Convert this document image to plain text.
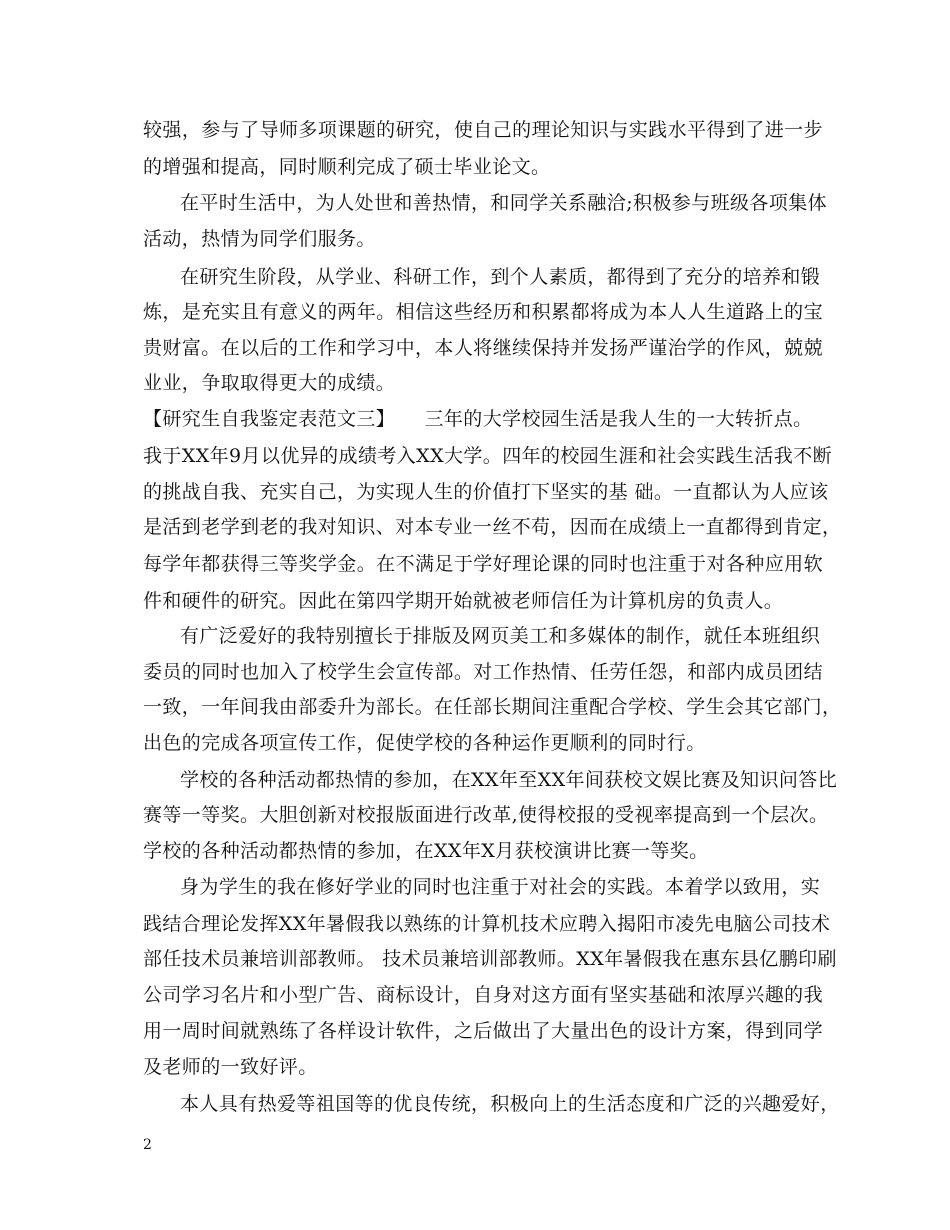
较强，参与了导师多项课题的研究，使自己的理论知识与实践水平得到了进一步
的增强和提高，同时顺利完成了硕士毕业论文。
在平时生活中，为人处世和善热情，和同学关系融洽;积极参与班级各项集体
活动，热情为同学们服务。
在研究生阶段，从学业、科研工作，到个人素质，都得到了充分的培养和锻
炼，是充实且有意义的两年。相信这些经历和积累都将成为本人人生道路上的宝
贵财富。在以后的工作和学习中，本人将继续保持并发扬严谨治学的作风，兢兢
业业，争取取得更大的成绩。
【研究生自我鉴定表范文三】　　三年的大学校园生活是我人生的一大转折点。
我于XX年9月以优异的成绩考入XX大学。四年的校园生涯和社会实践生活我不断
的挑战自我、充实自己，为实现人生的价值打下坚实的基 础。一直都认为人应该
是活到老学到老的我对知识、对本专业一丝不苟，因而在成绩上一直都得到肯定，
每学年都获得三等奖学金。在不满足于学好理论课的同时也注重于对各种应用软
件和硬件的研究。因此在第四学期开始就被老师信任为计算机房的负责人。
有广泛爱好的我特别擅长于排版及网页美工和多媒体的制作，就任本班组织
委员的同时也加入了校学生会宣传部。对工作热情、任劳任怨，和部内成员团结
一致，一年间我由部委升为部长。在任部长期间注重配合学校、学生会其它部门，
出色的完成各项宣传工作，促使学校的各种运作更顺利的同时行。
学校的各种活动都热情的参加，在XX年至XX年间获校文娱比赛及知识问答比
赛等一等奖。大胆创新对校报版面进行改革,使得校报的受视率提高到一个层次。
学校的各种活动都热情的参加，在XX年X月获校演讲比赛一等奖。
身为学生的我在修好学业的同时也注重于对社会的实践。本着学以致用，实
践结合理论发挥XX年暑假我以熟练的计算机技术应聘入揭阳市凌先电脑公司技术
部任技术员兼培训部教师。 技术员兼培训部教师。XX年暑假我在惠东县亿鹏印刷
公司学习名片和小型广告、商标设计，自身对这方面有坚实基础和浓厚兴趣的我
用一周时间就熟练了各样设计软件，之后做出了大量出色的设计方案，得到同学
及老师的一致好评。
本人具有热爱等祖国等的优良传统，积极向上的生活态度和广泛的兴趣爱好，
2
